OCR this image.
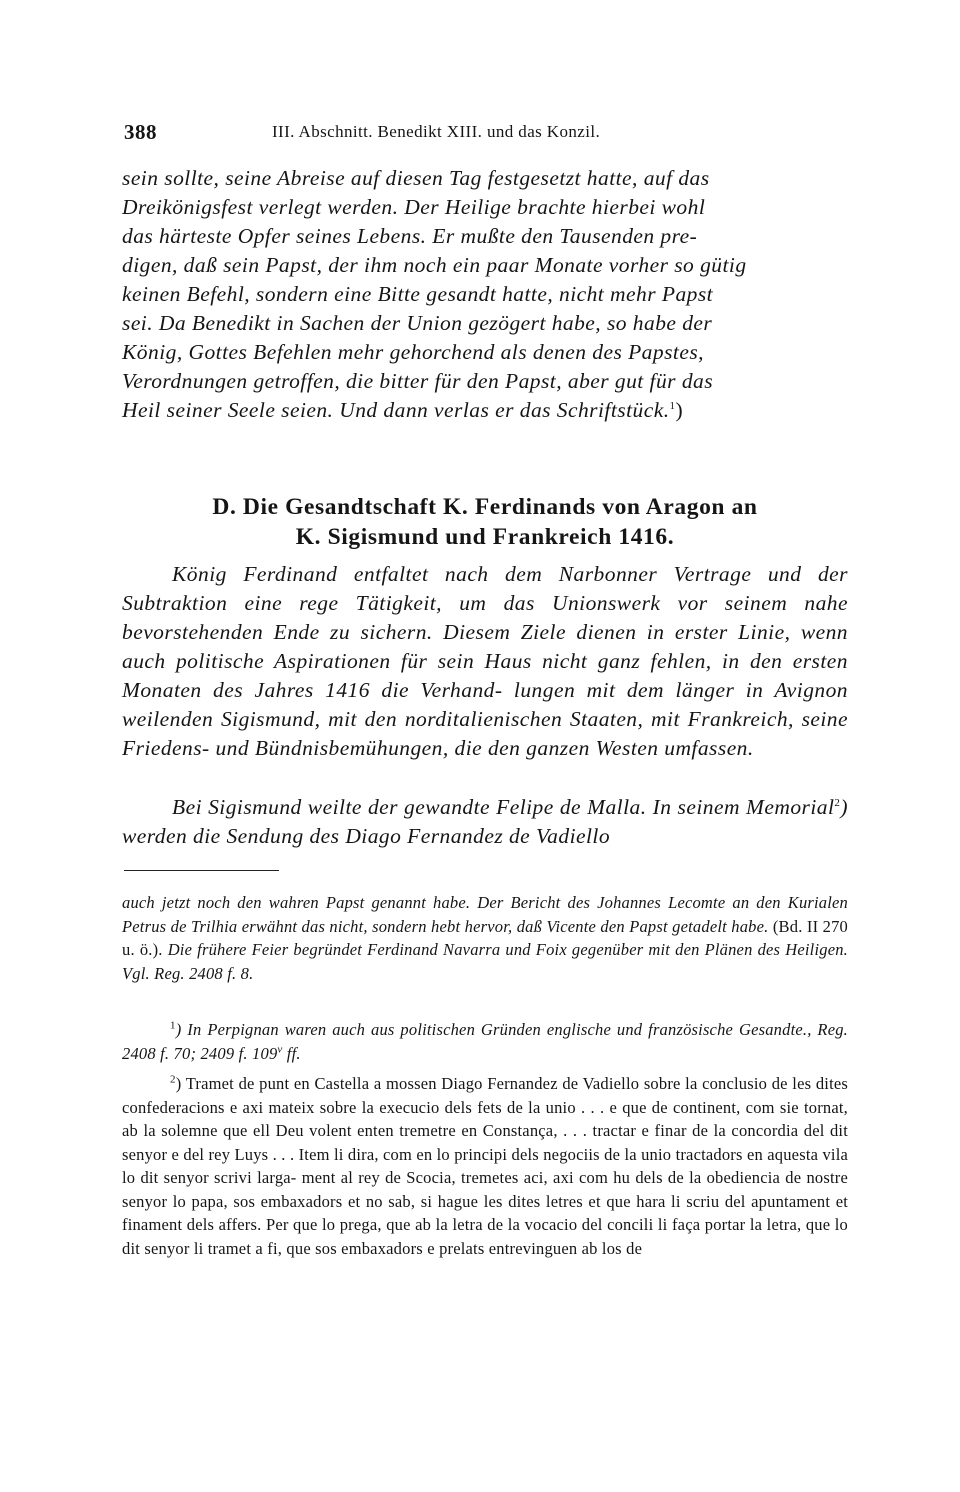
388	III. Abschnitt. Benedikt XIII. und das Konzil.

sein sollte, seine Abreise auf diesen Tag festgesetzt hatte, auf das
Dreikönigsfest verlegt werden. Der Heilige brachte hierbei wohl
das härteste Opfer seines Lebens. Er mußte den Tausenden pre-
digen, daß sein Papst, der ihm noch ein paar Monate vorher so gütig
keinen Befehl, sondern eine Bitte gesandt hatte, nicht mehr Papst
sei. Da Benedikt in Sachen der Union gezögert habe, so habe der
König, Gottes Befehlen mehr gehorchend als denen des Papstes,
Verordnungen getroffen, die bitter für den Papst, aber gut für das
Heil seiner Seele seien. Und dann verlas er das Schriftstück.$^1$)

D. Die Gesandtschaft K. Ferdinands von Aragon an
K. Sigismund und Frankreich 1416.

König Ferdinand entfaltet nach dem Narbonner Vertrage und der Subtraktion eine rege Tätigkeit, um das Unionswerk vor seinem nahe bevorstehenden Ende zu sichern. Diesem Ziele dienen in erster Linie, wenn auch politische Aspirationen für sein Haus nicht ganz fehlen, in den ersten Monaten des Jahres 1416 die Verhand- lungen mit dem länger in Avignon weilenden Sigismund, mit den norditalienischen Staaten, mit Frankreich, seine Friedens- und Bündnisbemühungen, die den ganzen Westen umfassen.

Bei Sigismund weilte der gewandte Felipe de Malla. In seinem Memorial$^2$) werden die Sendung des Diago Fernandez de Vadiello

auch jetzt noch den wahren Papst genannt habe. Der Bericht des Johannes Lecomte an den Kurialen Petrus de Trilhia erwähnt das nicht, sondern hebt hervor, daß Vicente den Papst getadelt habe. (Bd. II 270 u. ö.). Die frühere Feier begründet Ferdinand Navarra und Foix gegenüber mit den Plänen des Heiligen. Vgl. Reg. 2408 f. 8.

$^1$) In Perpignan waren auch aus politischen Gründen englische und französische Gesandte., Reg. 2408 f. 70; 2409 f. 109$^v$ ff.

$^2$) Tramet de punt en Castella a mossen Diago Fernandez de Vadiello sobre la conclusio de les dites confederacions e axi mateix sobre la execucio dels fets de la unio . . . e que de continent, com sie tornat, ab la solemne que ell Deu volent enten tremetre en Constança, . . . tractar e finar de la concordia del dit senyor e del rey Luys . . . Item li dira, com en lo principi dels negociis de la unio tractadors en aquesta vila lo dit senyor scrivi larga- ment al rey de Scocia, tremetes aci, axi com hu dels de la obediencia de nostre senyor lo papa, sos embaxadors et no sab, si hague les dites letres et que hara li scriu del apuntament et finament dels affers. Per que lo prega, que ab la letra de la vocacio del concili li faça portar la letra, que lo dit senyor li tramet a fi, que sos embaxadors e prelats entrevinguen ab los de
